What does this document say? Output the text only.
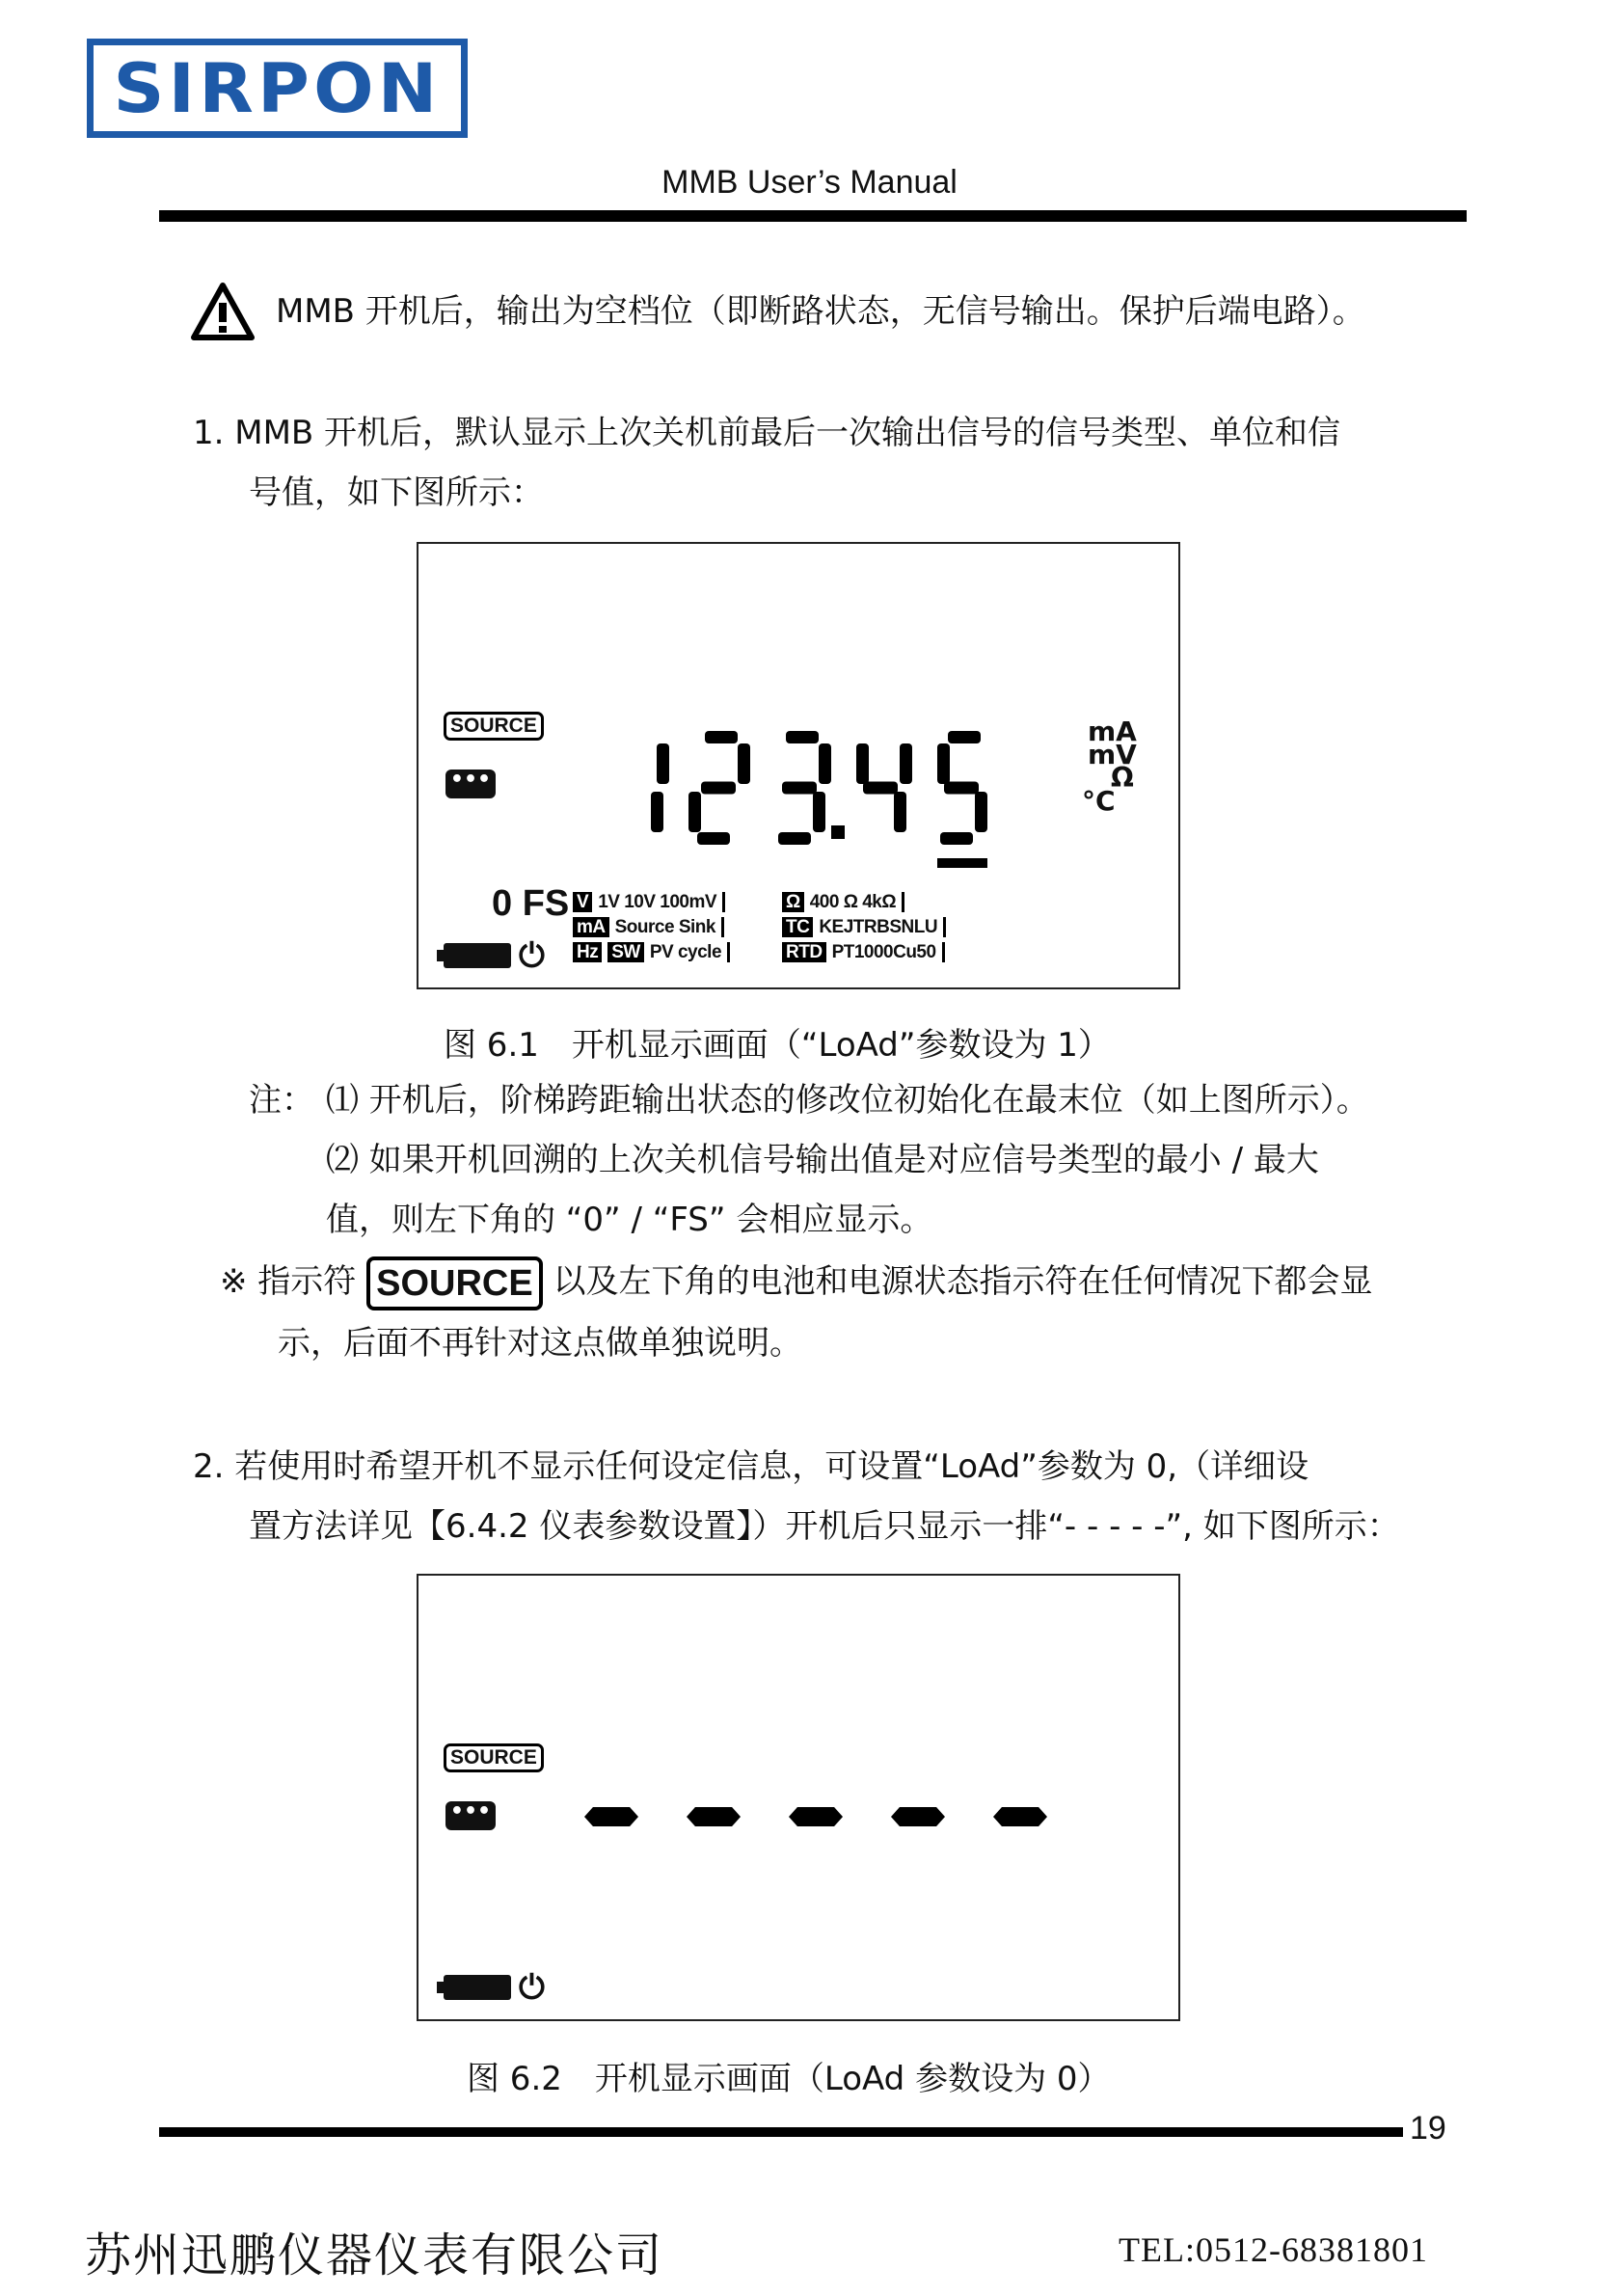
SIRPON
MMB User’s Manual
MMB 开机后，输出为空档位（即断路状态，无信号输出。保护后端电路）。
1. MMB 开机后，默认显示上次关机前最后一次输出信号的信号类型、单位和信
号值，如下图所示：
SOURCE
•••
mA
mV
Ω
°C
0 FS V 1V 10V 100mV	Ω 400 Ω 4kΩ
mA Source Sink	TC KEJTRBSNLU
Hz SW PV cycle	RTD PT1000Cu50
⏻
图 6.1　开机显示画面（“LoAd”参数设为 1）
注： ⑴ 开机后，阶梯跨距输出状态的修改位初始化在最末位（如上图所示）。
⑵ 如果开机回溯的上次关机信号输出值是对应信号类型的最小 / 最大
值，则左下角的 “0” / “FS” 会相应显示。
※ 指示符 SOURCE 以及左下角的电池和电源状态指示符在任何情况下都会显
示，后面不再针对这点做单独说明。
2. 若使用时希望开机不显示任何设定信息，可设置“LoAd”参数为 0,（详细设
置方法详见【6.4.2 仪表参数设置】）开机后只显示一排“- - - - -”, 如下图所示：
SOURCE
•••
⏻
图 6.2　开机显示画面（LoAd 参数设为 0）
19
苏州迅鹏仪器仪表有限公司	TEL:0512-68381801
